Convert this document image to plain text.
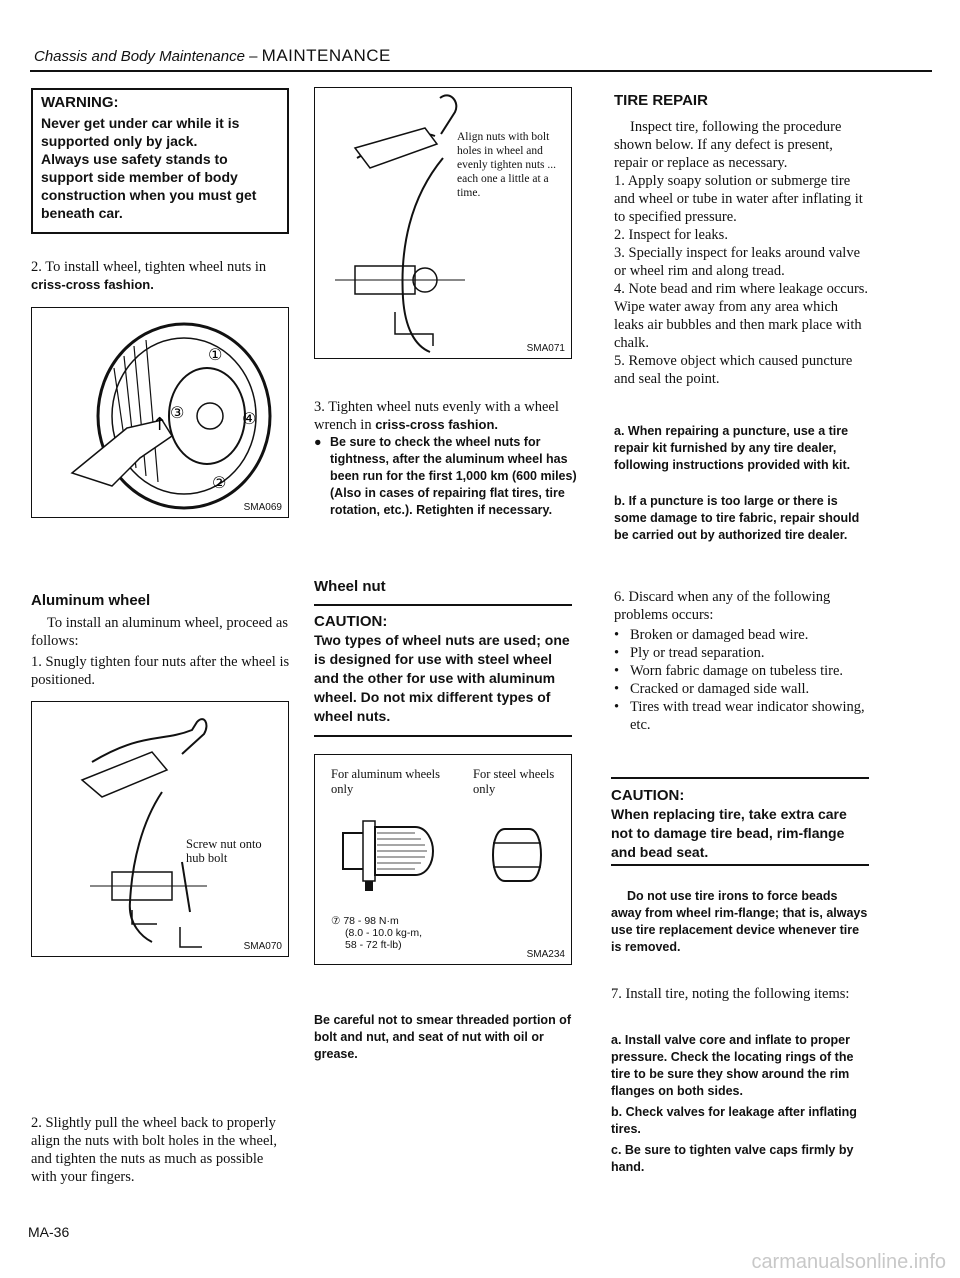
Chassis and Body Maintenance – MAINTENANCE
WARNING:
Never get under car while it is supported only by jack.
Always use safety stands to support side member of body construction when you must get beneath car.
2. To install wheel, tighten wheel nuts in criss-cross fashion.
↑
①
③	④
②
SMA069
Aluminum wheel
To install an aluminum wheel, proceed as follows:
1. Snugly tighten four nuts after the wheel is positioned.
Screw nut onto hub bolt
SMA070
2. Slightly pull the wheel back to properly align the nuts with bolt holes in the wheel, and tighten the nuts as much as possible with your fingers.
MA-36
Align nuts with bolt holes in wheel and evenly tighten nuts ... each one a little at a time.
SMA071
3. Tighten wheel nuts evenly with a wheel wrench in criss-cross fashion.
● Be sure to check the wheel nuts for tightness, after the aluminum wheel has been run for the first 1,000 km (600 miles) (Also in cases of repairing flat tires, tire rotation, etc.). Retighten if necessary.
Wheel nut
CAUTION:
Two types of wheel nuts are used; one is designed for use with steel wheel and the other for use with aluminum wheel. Do not mix different types of wheel nuts.
For aluminum wheels only
For steel wheels only
⑦ 78 - 98 N·m
(8.0 - 10.0 kg-m,
58 - 72 ft-lb)
SMA234
Be careful not to smear threaded portion of bolt and nut, and seat of nut with oil or grease.
TIRE REPAIR
Inspect tire, following the procedure shown below. If any defect is present, repair or replace as necessary.
1. Apply soapy solution or submerge tire and wheel or tube in water after inflating it to specified pressure.
2. Inspect for leaks.
3. Specially inspect for leaks around valve or wheel rim and along tread.
4. Note bead and rim where leakage occurs. Wipe water away from any area which leaks air bubbles and then mark place with chalk.
5. Remove object which caused puncture and seal the point.
a. When repairing a puncture, use a tire repair kit furnished by any tire dealer, following instructions provided with kit.
b. If a puncture is too large or there is some damage to tire fabric, repair should be carried out by authorized tire dealer.
6. Discard when any of the following problems occurs:
• Broken or damaged bead wire.
• Ply or tread separation.
• Worn fabric damage on tubeless tire.
• Cracked or damaged side wall.
• Tires with tread wear indicator showing, etc.
CAUTION:
When replacing tire, take extra care not to damage tire bead, rim-flange and bead seat.
Do not use tire irons to force beads away from wheel rim-flange; that is, always use tire replacement device whenever tire is removed.
7. Install tire, noting the following items:
a. Install valve core and inflate to proper pressure. Check the locating rings of the tire to be sure they show around the rim flanges on both sides.
b. Check valves for leakage after inflating tires.
c. Be sure to tighten valve caps firmly by hand.
carmanualsonline.info
